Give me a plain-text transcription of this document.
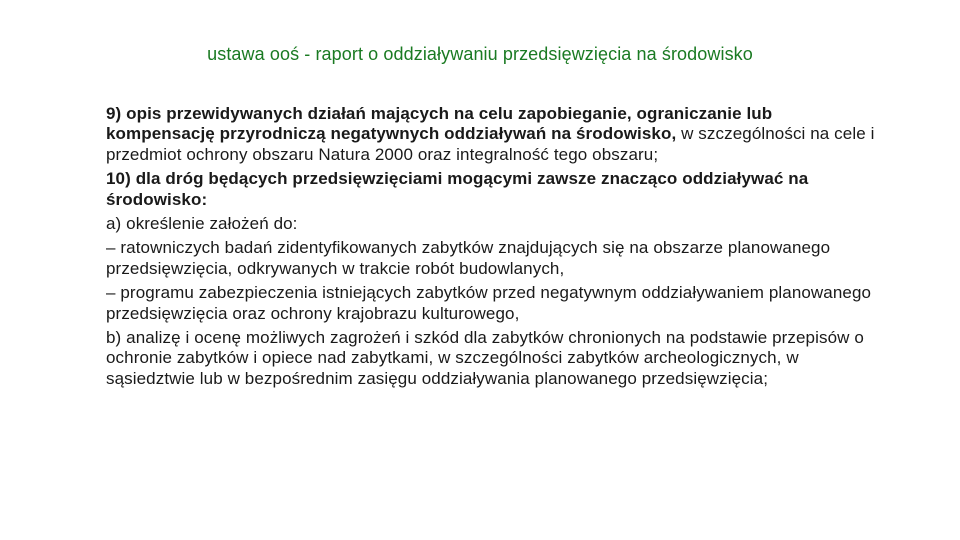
ustawa ooś - raport o oddziaływaniu przedsięwzięcia na środowisko

9) opis przewidywanych działań mających na celu zapobieganie, ograniczanie lub kompensację przyrodniczą negatywnych oddziaływań na środowisko, w szczególności na cele i przedmiot ochrony obszaru Natura 2000 oraz integralność tego obszaru;

10) dla dróg będących przedsięwzięciami mogącymi zawsze znacząco oddziaływać na środowisko:

a) określenie założeń do:

– ratowniczych badań zidentyfikowanych zabytków znajdujących się na obszarze planowanego przedsięwzięcia, odkrywanych w trakcie robót budowlanych,

– programu zabezpieczenia istniejących zabytków przed negatywnym oddziaływaniem planowanego przedsięwzięcia oraz ochrony krajobrazu kulturowego,

b) analizę i ocenę możliwych zagrożeń i szkód dla zabytków chronionych na podstawie przepisów o ochronie zabytków i opiece nad zabytkami, w szczególności zabytków archeologicznych, w sąsiedztwie lub w bezpośrednim zasięgu oddziaływania planowanego przedsięwzięcia;
